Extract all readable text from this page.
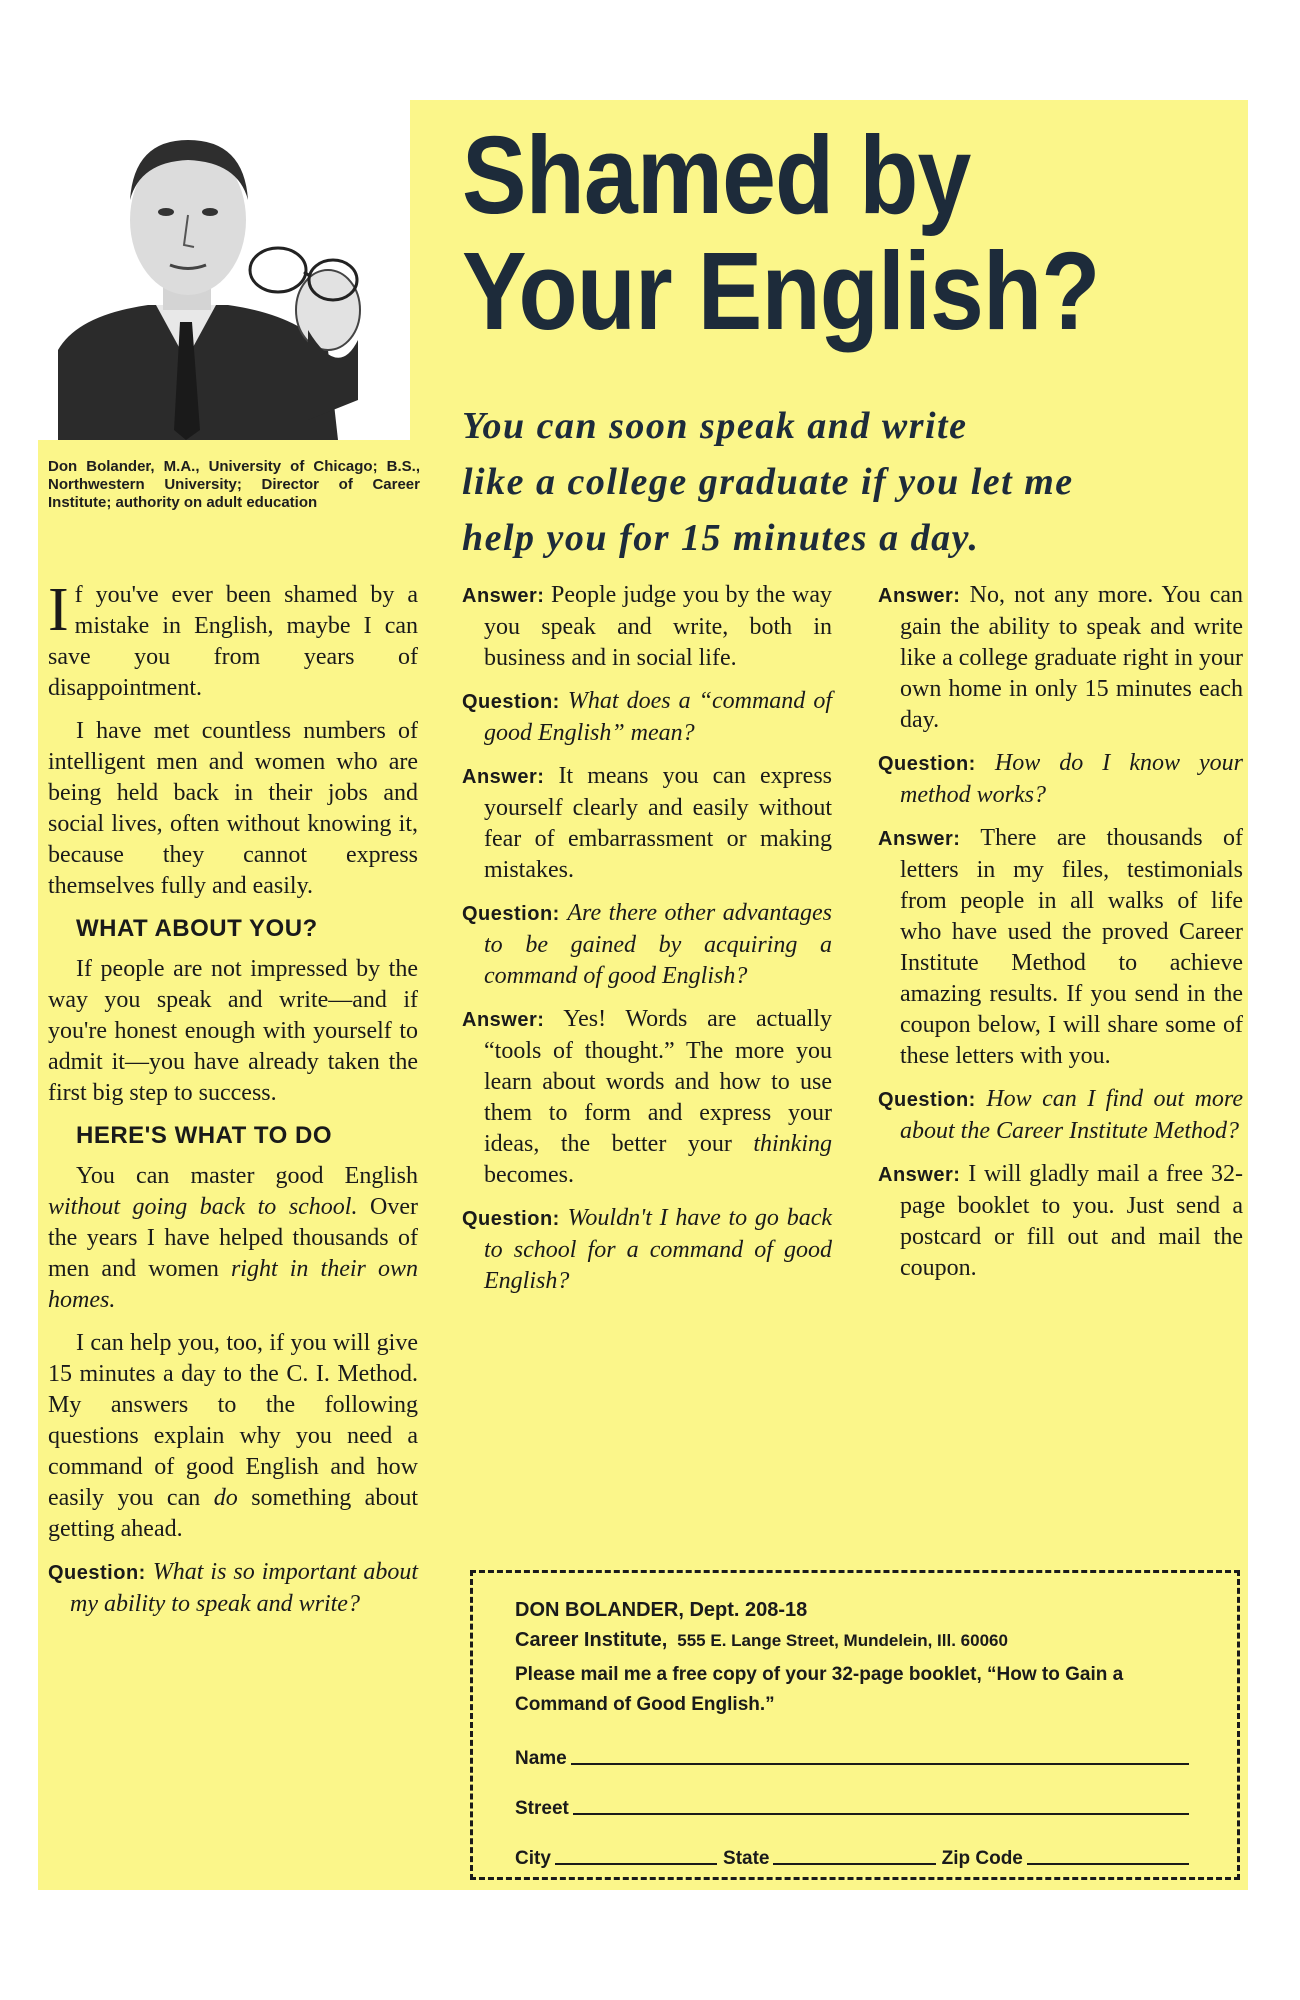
Don Bolander, M.A., University of Chicago; B.S., Northwestern University; Director of Career Institute; authority on adult education
Shamed by
Your English?
You can soon speak and write
like a college graduate if you let me
help you for 15 minutes a day.

If you've ever been shamed by a mistake in English, maybe I can save you from years of disappointment.

I have met countless numbers of intelligent men and women who are being held back in their jobs and social lives, often without knowing it, because they cannot express themselves fully and easily.

WHAT ABOUT YOU?

If people are not impressed by the way you speak and write—and if you're honest enough with yourself to admit it—you have already taken the first big step to success.

HERE'S WHAT TO DO

You can master good English without going back to school. Over the years I have helped thousands of men and women right in their own homes.

I can help you, too, if you will give 15 minutes a day to the C. I. Method. My answers to the following questions explain why you need a command of good English and how easily you can do something about getting ahead.

Question: What is so important about my ability to speak and write?

Answer: People judge you by the way you speak and write, both in business and in social life.

Question: What does a “command of good English” mean?

Answer: It means you can express yourself clearly and easily without fear of embarrassment or making mistakes.

Question: Are there other advantages to be gained by acquiring a command of good English?

Answer: Yes! Words are actually “tools of thought.” The more you learn about words and how to use them to form and express your ideas, the better your thinking becomes.

Question: Wouldn't I have to go back to school for a command of good English?

Answer: No, not any more. You can gain the ability to speak and write like a college graduate right in your own home in only 15 minutes each day.

Question: How do I know your method works?

Answer: There are thousands of letters in my files, testimonials from people in all walks of life who have used the proved Career Institute Method to achieve amazing results. If you send in the coupon below, I will share some of these letters with you.

Question: How can I find out more about the Career Institute Method?

Answer: I will gladly mail a free 32-page booklet to you. Just send a postcard or fill out and mail the coupon.

DON BOLANDER, Dept. 208-18
Career Institute, 555 E. Lange Street, Mundelein, Ill. 60060
Please mail me a free copy of your 32-page booklet, “How to Gain a Command of Good English.”
Name
Street
City	State	Zip Code
